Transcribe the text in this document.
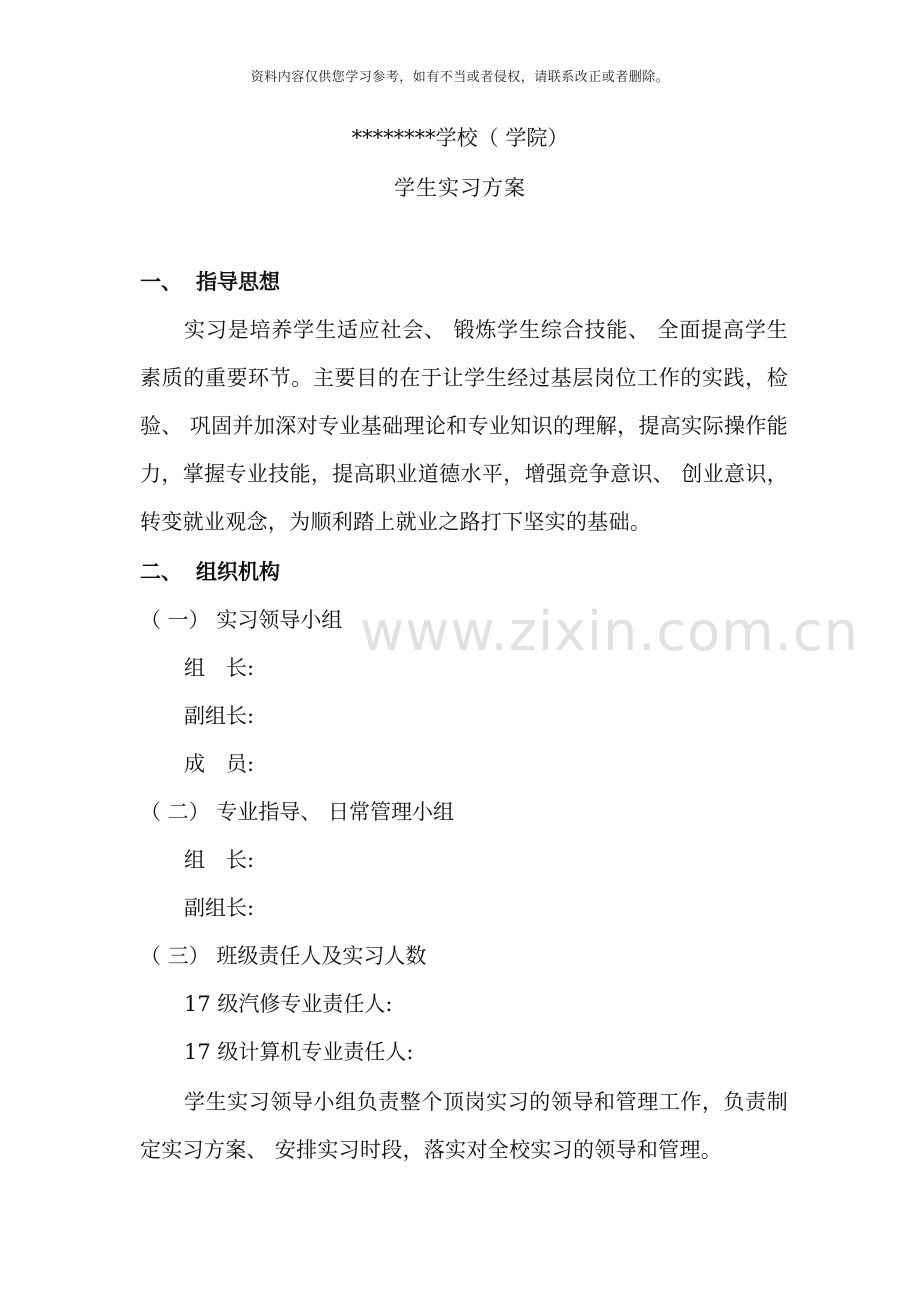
资料内容仅供您学习参考，如有不当或者侵权，请联系改正或者删除。
********学校（ 学院）
学生实习方案
一、 指导思想
实习是培养学生适应社会、 锻炼学生综合技能、 全面提高学生素质的重要环节。主要目的在于让学生经过基层岗位工作的实践，检验、 巩固并加深对专业基础理论和专业知识的理解，提高实际操作能力，掌握专业技能，提高职业道德水平，增强竞争意识、 创业意识，转变就业观念，为顺利踏上就业之路打下坚实的基础。
二、 组织机构
（ 一） 实习领导小组
组　长:
副组长:
成　员:
（ 二） 专业指导、 日常管理小组
组　长:
副组长:
（ 三） 班级责任人及实习人数
17 级汽修专业责任人:
17 级计算机专业责任人:
学生实习领导小组负责整个顶岗实习的领导和管理工作，负责制定实习方案、 安排实习时段，落实对全校实习的领导和管理。
www.zixin.com.cn
